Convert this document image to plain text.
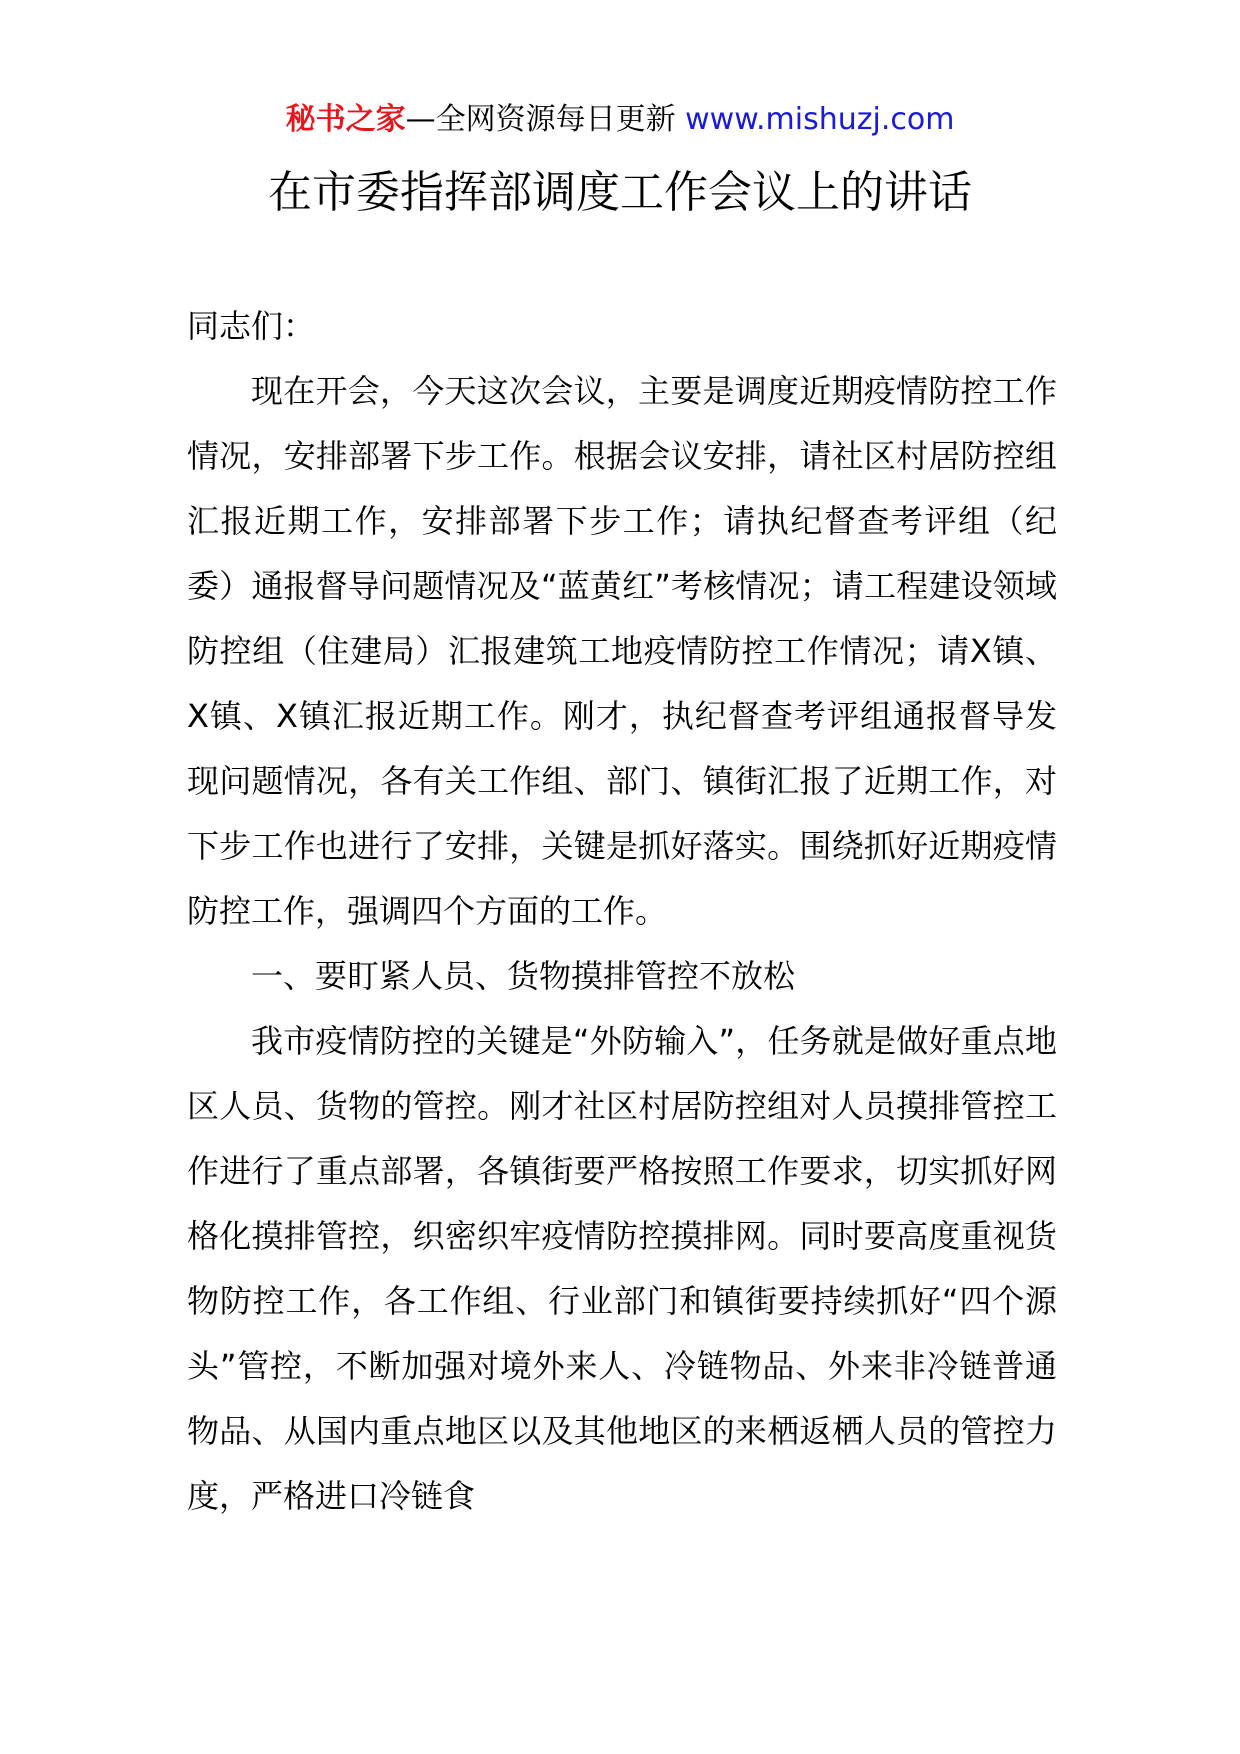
秘书之家—全网资源每日更新 www.mishuzj.com
在市委指挥部调度工作会议上的讲话

同志们：

现在开会，今天这次会议，主要是调度近期疫情防控工作情况，安排部署下步工作。根据会议安排，请社区村居防控组汇报近期工作，安排部署下步工作；请执纪督查考评组（纪委）通报督导问题情况及“蓝黄红”考核情况；请工程建设领域防控组（住建局）汇报建筑工地疫情防控工作情况；请X镇、X镇、X镇汇报近期工作。刚才，执纪督查考评组通报督导发现问题情况，各有关工作组、部门、镇街汇报了近期工作，对下步工作也进行了安排，关键是抓好落实。围绕抓好近期疫情防控工作，强调四个方面的工作。

一、要盯紧人员、货物摸排管控不放松

我市疫情防控的关键是“外防输入”，任务就是做好重点地区人员、货物的管控。刚才社区村居防控组对人员摸排管控工作进行了重点部署，各镇街要严格按照工作要求，切实抓好网格化摸排管控，织密织牢疫情防控摸排网。同时要高度重视货物防控工作，各工作组、行业部门和镇街要持续抓好“四个源头”管控，不断加强对境外来人、冷链物品、外来非冷链普通物品、从国内重点地区以及其他地区的来栖返栖人员的管控力度，严格进口冷链食
